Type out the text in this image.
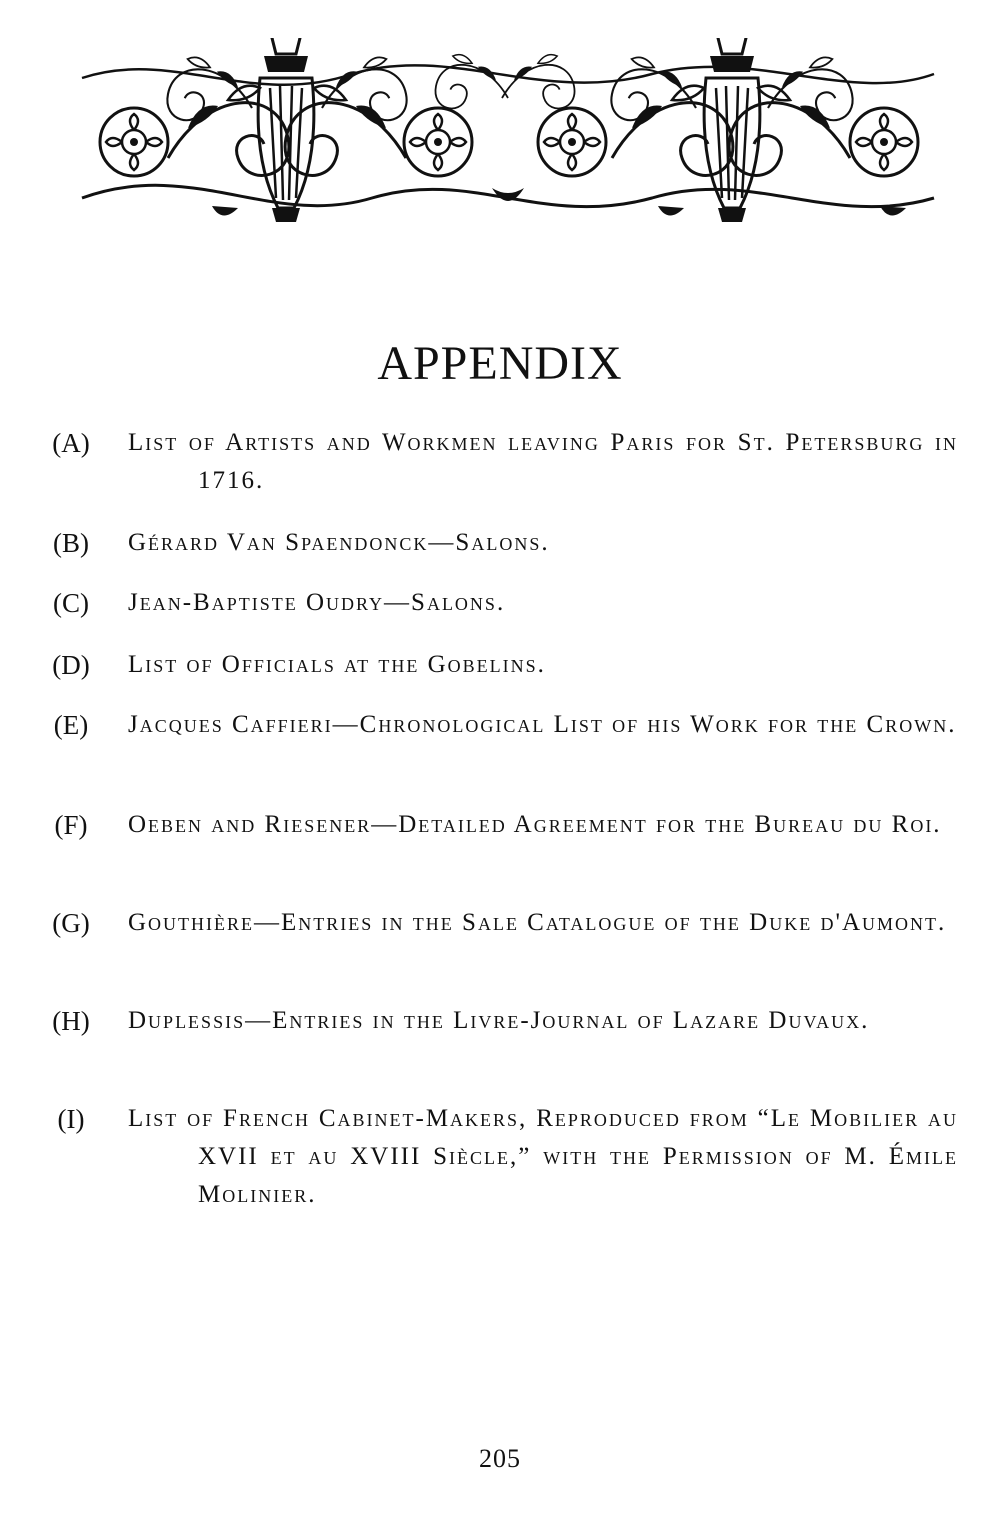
APPENDIX
(A)	List of Artists and Workmen leaving Paris for St. Petersburg in 1716.
(B)	Gérard Van Spaendonck—Salons.
(C)	Jean-Baptiste Oudry—Salons.
(D)	List of Officials at the Gobelins.
(E)	Jacques Caffieri—Chronological List of his Work for the Crown.
(F)	Oeben and Riesener—Detailed Agreement for the Bureau du Roi.
(G)	Gouthière—Entries in the Sale Catalogue of the Duke d'Aumont.
(H)	Duplessis—Entries in the Livre-Journal of Lazare Duvaux.
(I)	List of French Cabinet-Makers, Reproduced from “Le Mobilier au XVII et au XVIII Siècle,” with the Permission of M. Émile Molinier.
205
